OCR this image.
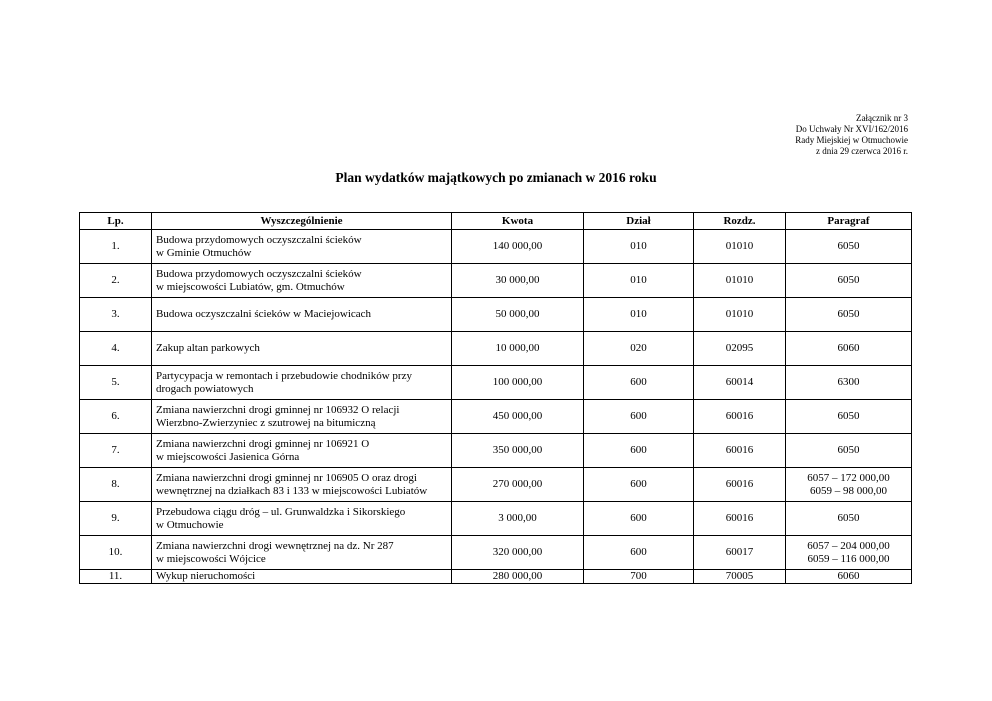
Załącznik nr 3
Do Uchwały Nr XVI/162/2016
Rady Miejskiej w Otmuchowie
z dnia 29 czerwca 2016 r.
Plan wydatków majątkowych po zmianach w 2016 roku
Lp.	Wyszczególnienie	Kwota	Dział	Rozdz.	Paragraf
1.	Budowa przydomowych oczyszczalni ścieków
w Gminie Otmuchów	140 000,00	010	01010	6050

2.	Budowa przydomowych oczyszczalni ścieków
w miejscowości Lubiatów, gm. Otmuchów	30 000,00	010	01010	6050

3.	Budowa oczyszczalni ścieków w Maciejowicach	50 000,00	010	01010	6050

4.	Zakup altan parkowych	10 000,00	020	02095	6060

5.	Partycypacja w remontach i przebudowie chodników przy
drogach powiatowych	100 000,00	600	60014	6300

6.	Zmiana nawierzchni drogi gminnej nr 106932 O relacji
Wierzbno-Zwierzyniec z szutrowej na bitumiczną	450 000,00	600	60016	6050

7.	Zmiana nawierzchni drogi gminnej nr 106921 O
w miejscowości Jasienica Górna	350 000,00	600	60016	6050

8.	Zmiana nawierzchni drogi gminnej nr 106905 O oraz drogi
wewnętrznej na działkach 83 i 133 w miejscowości Lubiatów	270 000,00	600	60016	6057 – 172 000,00
6059 – 98 000,00

9.	Przebudowa ciągu dróg – ul. Grunwaldzka i Sikorskiego
w Otmuchowie	3 000,00	600	60016	6050

10.	Zmiana nawierzchni drogi wewnętrznej na dz. Nr 287
w miejscowości Wójcice	320 000,00	600	60017	6057 – 204 000,00
6059 – 116 000,00

11.	Wykup nieruchomości	280 000,00	700	70005	6060
